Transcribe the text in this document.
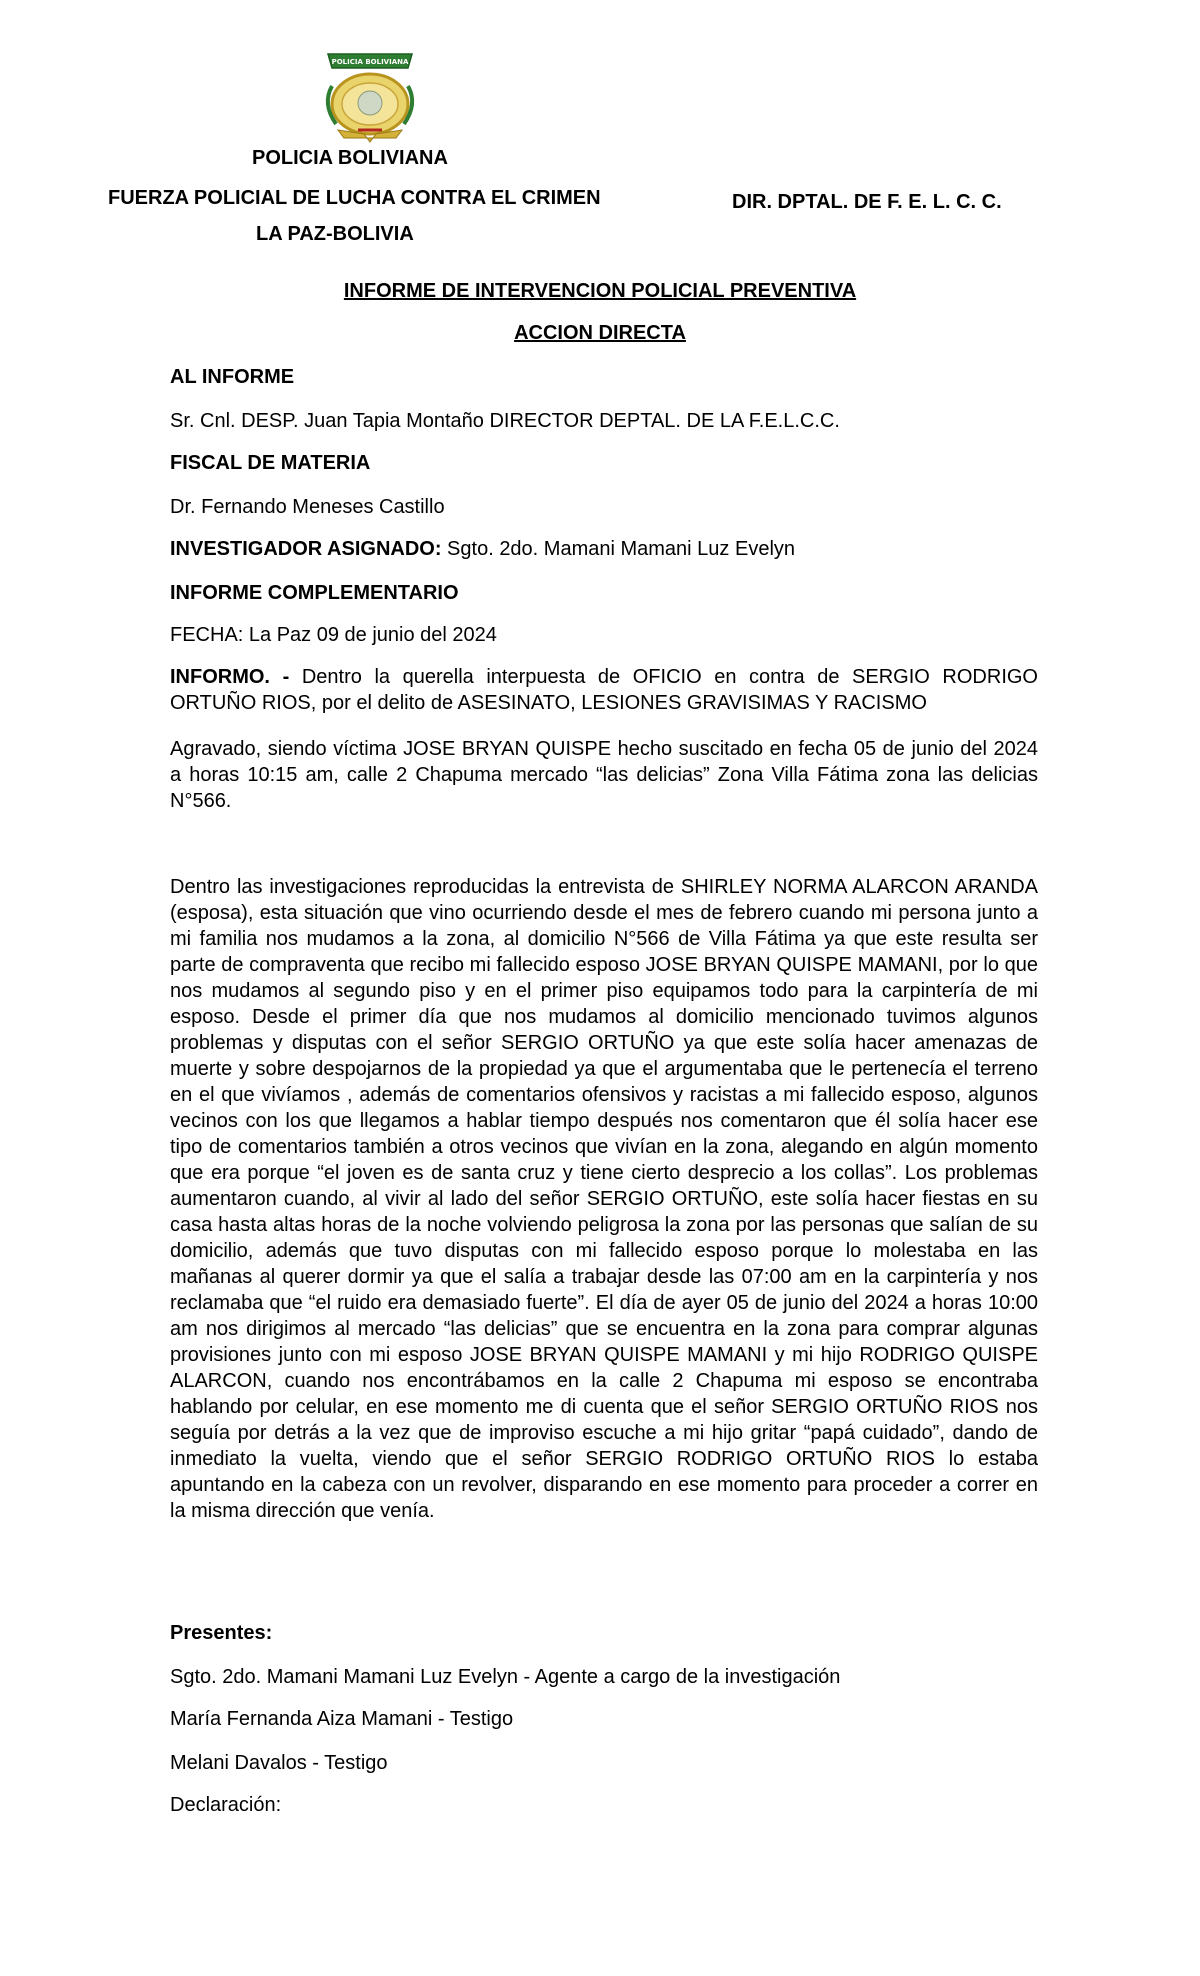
POLICIA BOLIVIANA
POLICIA BOLIVIANA
FUERZA POLICIAL DE LUCHA CONTRA EL CRIMEN
LA PAZ-BOLIVIA
DIR. DPTAL. DE F. E. L. C. C.
INFORME DE INTERVENCION POLICIAL PREVENTIVA
ACCION DIRECTA
AL INFORME
Sr. Cnl. DESP. Juan Tapia Montaño DIRECTOR DEPTAL. DE LA F.E.L.C.C.
FISCAL DE MATERIA
Dr. Fernando Meneses Castillo
INVESTIGADOR ASIGNADO: Sgto. 2do. Mamani Mamani Luz Evelyn
INFORME COMPLEMENTARIO
FECHA: La Paz 09 de junio del 2024
INFORMO. - Dentro la querella interpuesta de OFICIO en contra de SERGIO RODRIGO ORTUÑO RIOS, por el delito de ASESINATO, LESIONES GRAVISIMAS Y RACISMO
Agravado, siendo víctima JOSE BRYAN QUISPE hecho suscitado en fecha 05 de junio del 2024 a horas 10:15 am, calle 2 Chapuma mercado “las delicias” Zona Villa Fátima zona las delicias N°566.
Dentro las investigaciones reproducidas la entrevista de SHIRLEY NORMA ALARCON ARANDA (esposa), esta situación que vino ocurriendo desde el mes de febrero cuando mi persona junto a mi familia nos mudamos a la zona, al domicilio N°566 de Villa Fátima ya que este resulta ser parte de compraventa que recibo mi fallecido esposo JOSE BRYAN QUISPE MAMANI, por lo que nos mudamos al segundo piso y en el primer piso equipamos todo para la carpintería de mi esposo. Desde el primer día que nos mudamos al domicilio mencionado tuvimos algunos problemas y disputas con el señor SERGIO ORTUÑO ya que este solía hacer amenazas de muerte y sobre despojarnos de la propiedad ya que el argumentaba que le pertenecía el terreno en el que vivíamos , además de comentarios ofensivos y racistas a mi fallecido esposo, algunos vecinos con los que llegamos a hablar tiempo después nos comentaron que él solía hacer ese tipo de comentarios también a otros vecinos que vivían en la zona, alegando en algún momento que era porque “el joven es de santa cruz y tiene cierto desprecio a los collas”. Los problemas aumentaron cuando, al vivir al lado del señor SERGIO ORTUÑO, este solía hacer fiestas en su casa hasta altas horas de la noche volviendo peligrosa la zona por las personas que salían de su domicilio, además que tuvo disputas con mi fallecido esposo porque lo molestaba en las mañanas al querer dormir ya que el salía a trabajar desde las 07:00 am en la carpintería y nos reclamaba que “el ruido era demasiado fuerte”. El día de ayer 05 de junio del 2024 a horas 10:00 am nos dirigimos al mercado “las delicias” que se encuentra en la zona para comprar algunas provisiones junto con mi esposo JOSE BRYAN QUISPE MAMANI y mi hijo RODRIGO QUISPE ALARCON, cuando nos encontrábamos en la calle 2 Chapuma mi esposo se encontraba hablando por celular, en ese momento me di cuenta que el señor SERGIO ORTUÑO RIOS nos seguía por detrás a la vez que de improviso escuche a mi hijo gritar “papá cuidado”, dando de inmediato la vuelta, viendo que el señor SERGIO RODRIGO ORTUÑO RIOS lo estaba apuntando en la cabeza con un revolver, disparando en ese momento para proceder a correr en la misma dirección que venía.
Presentes:
Sgto. 2do. Mamani Mamani Luz Evelyn - Agente a cargo de la investigación
María Fernanda Aiza Mamani - Testigo
Melani Davalos - Testigo
Declaración:
